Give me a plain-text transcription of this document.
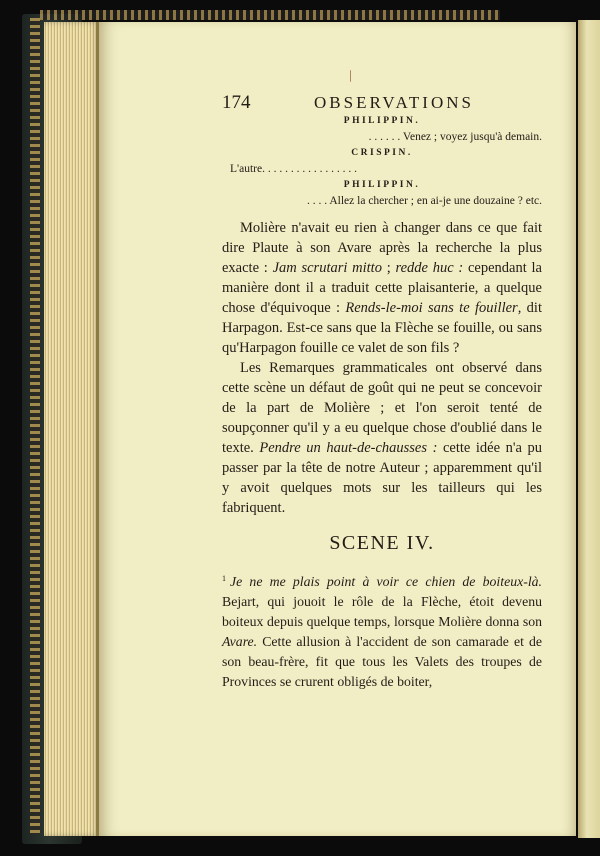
174	OBSERVATIONS
PHILIPPIN.
. . . . . . Venez ; voyez jusqu'à demain.
CRISPIN.
L'autre. . . . . . . . . . . . . . . . .
PHILIPPIN.
. . . . Allez la chercher ; en ai-je une douzaine ? etc.

Molière n'avait eu rien à changer dans ce que fait dire Plaute à son Avare après la recherche la plus exacte : Jam scrutari mitto ; redde huc : cependant la manière dont il a traduit cette plaisanterie, a quelque chose d'équivoque : Rends-le-moi sans te fouiller, dit Harpagon. Est-ce sans que la Flèche se fouille, ou sans qu'Harpagon fouille ce valet de son fils ?

Les Remarques grammaticales ont observé dans cette scène un défaut de goût qui ne peut se concevoir de la part de Molière ; et l'on seroit tenté de soupçonner qu'il y a eu quelque chose d'oublié dans le texte. Pendre un haut-de-chausses : cette idée n'a pu passer par la tête de notre Auteur ; apparemment qu'il y avoit quelques mots sur les tailleurs qui les fabriquent.

SCENE IV.

$^1$ Je ne me plais point à voir ce chien de boiteux-là. Bejart, qui jouoit le rôle de la Flèche, étoit devenu boiteux depuis quelque temps, lorsque Molière donna son Avare. Cette allusion à l'accident de son camarade et de son beau-frère, fit que tous les Valets des troupes de Provinces se crurent obligés de boiter,
